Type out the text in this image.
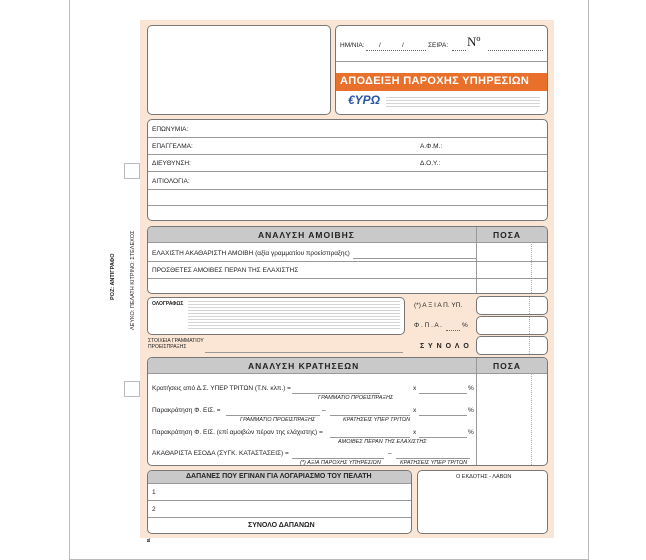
ΡΟΖ: ΑΝΤΙΓΡΑΦΟ	ΛΕΥΚΟ: ΠΕΛΑΤΗ ΚΙΤΡΙΝΟ: ΣΤΕΛΕΧΟΣ
ΗΜ/ΝΙΑ: /	/	ΣΕΙΡΑ: Νº
ΑΠΟΔΕΙΞΗ ΠΑΡΟΧΗΣ ΥΠΗΡΕΣΙΩΝ
€ΥΡΩ
ΕΠΩΝΥΜΙΑ:
ΕΠΑΓΓΕΛΜΑ:	Α.Φ.Μ.:
ΔΙΕΥΘΥΝΣΗ:	Δ.Ο.Υ.:
ΑΙΤΙΟΛΟΓΙΑ:
ΑΝΑΛΥΣΗ ΑΜΟΙΒΗΣ	ΠΟΣΑ
ΕΛΑΧΙΣΤΗ ΑΚΑΘΑΡΙΣΤΗ ΑΜΟΙΒΗ (αξία γραμματίου προείσπραξης)
ΠΡΟΣΘΕΤΕΣ ΑΜΟΙΒΕΣ ΠΕΡΑΝ ΤΗΣ ΕΛΑΧΙΣΤΗΣ
ΟΛΟΓΡΑΦΩΣ
ΣΤΟΙΧΕΙΑ ΓΡΑΜΜΑΤΙΟΥ
ΠΡΟΕΙΣΠΡΑΞΗΣ
(*) Α Ξ Ι Α Π. ΥΠ.
Φ . Π . Α .	%
Σ Υ Ν Ο Λ Ο
ΑΝΑΛΥΣΗ ΚΡΑΤΗΣΕΩΝ	ΠΟΣΑ
Κρατήσεις από Δ.Σ. ΥΠΕΡ ΤΡΙΤΩΝ (Τ.Ν. κλπ.) =
ΓΡΑΜΜΑΤΙΟ ΠΡΟΕΙΣΠΡΑΞΗΣ
x	%
Παρακράτηση Φ. ΕΙΣ. =
ΓΡΑΜΜΑΤΙΟ ΠΡΟΕΙΣΠΡΑΞΗΣ
–
ΚΡΑΤΗΣΕΙΣ ΥΠΕΡ ΤΡΙΤΩΝ
x	%
Παρακράτηση Φ. ΕΙΣ. (επί αμοιβών πέραν της ελάχιστης) =
ΑΜΟΙΒΕΣ ΠΕΡΑΝ ΤΗΣ ΕΛΑΧΙΣΤΗΣ
x	%
ΑΚΑΘΑΡΙΣΤΑ ΕΣΟΔΑ (ΣΥΓΚ. ΚΑΤΑΣΤΑΣΕΙΣ) =
(*) ΑΞΙΑ ΠΑΡΟΧΗΣ ΥΠΗΡΕΣΙΩΝ
–
ΚΡΑΤΗΣΕΙΣ ΥΠΕΡ ΤΡΙΤΩΝ
ΔΑΠΑΝΕΣ ΠΟΥ ΕΓΙΝΑΝ ΓΙΑ ΛΟΓΑΡΙΑΣΜΟ ΤΟΥ ΠΕΛΑΤΗ
1
2
ΣΥΝΟΛΟ ΔΑΠΑΝΩΝ
Ο ΕΚΔΟΤΗΣ - ΛΑΒΩΝ
